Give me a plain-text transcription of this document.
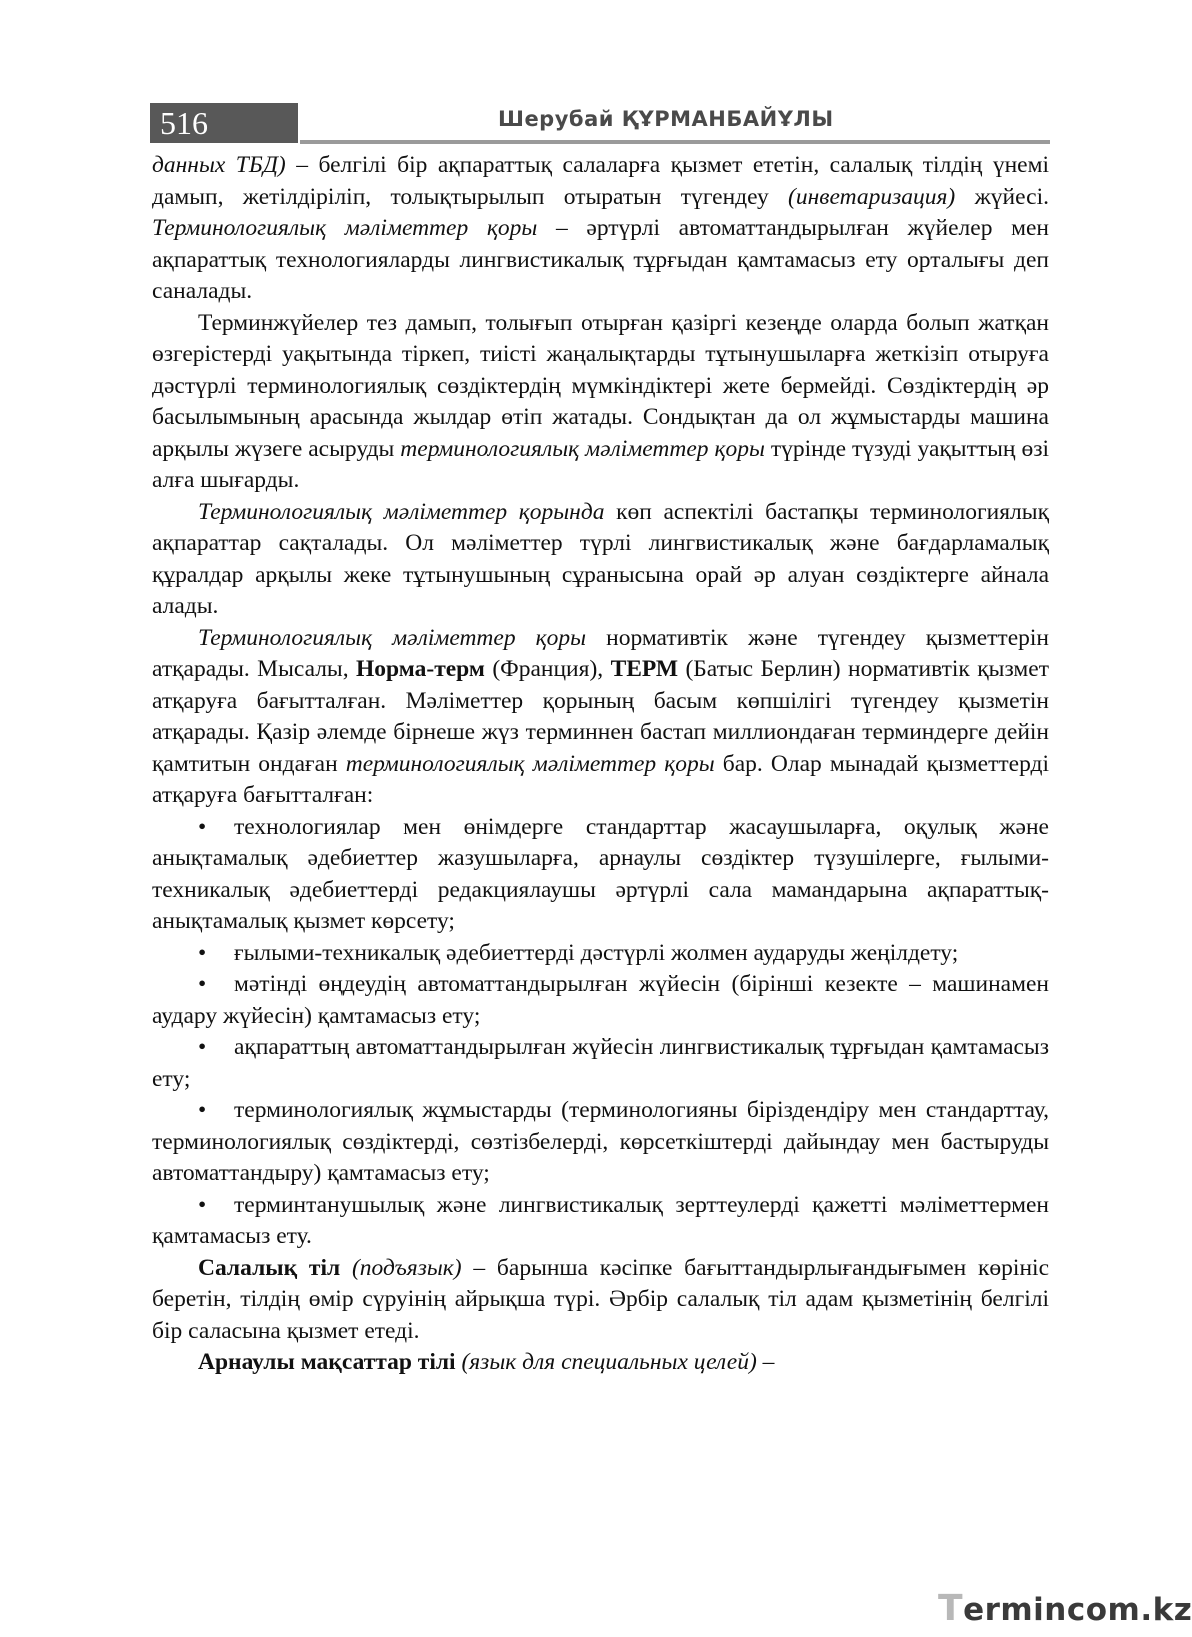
516	Шерубай ҚҰРМАНБАЙҰЛЫ

данных ТБД) – белгілі бір ақпараттық салаларға қызмет ететін, салалық тілдің үнемі дамып, жетілдіріліп, толықтырылып отыратын түгендеу (инветаризация) жүйесі. Терминологиялық мәліметтер қоры – әртүрлі автоматтандырылған жүйелер мен ақпараттық технологияларды лингвистикалық тұрғыдан қамтамасыз ету орталығы деп саналады.

Терминжүйелер тез дамып, толығып отырған қазіргі кезеңде оларда болып жатқан өзгерістерді уақытында тіркеп, тиісті жаңалықтарды тұтынушыларға жеткізіп отыруға дәстүрлі терминологиялық сөздіктердің мүмкіндіктері жете бермейді. Сөздіктердің әр басылымының арасында жылдар өтіп жатады. Сондықтан да ол жұмыстарды машина арқылы жүзеге асыруды терминологиялық мәліметтер қоры түрінде түзуді уақыттың өзі алға шығарды.

Терминологиялық мәліметтер қорында көп аспектілі бастапқы терминологиялық ақпараттар сақталады. Ол мәліметтер түрлі лингвистикалық және бағдарламалық құралдар арқылы жеке тұтынушының сұранысына орай әр алуан сөздіктерге айнала алады.

Терминологиялық мәліметтер қоры нормативтік және түгендеу қызметтерін атқарады. Мысалы, Норма-терм (Франция), ТЕРМ (Батыс Берлин) нормативтік қызмет атқаруға бағытталған. Мәліметтер қорының басым көпшілігі түгендеу қызметін атқарады. Қазір әлемде бірнеше жүз терминнен бастап миллиондаған терминдерге дейін қамтитын ондаған терминологиялық мәліметтер қоры бар. Олар мынадай қызметтерді атқаруға бағытталған:

• технологиялар мен өнімдерге стандарттар жасаушыларға, оқулық және анықтамалық әдебиеттер жазушыларға, арнаулы сөздіктер түзушілерге, ғылыми-техникалық әдебиеттерді редакциялаушы әртүрлі сала мамандарына ақпараттық-анықтамалық қызмет көрсету;

• ғылыми-техникалық әдебиеттерді дәстүрлі жолмен аударуды жеңілдету;

• мәтінді өңдеудің автоматтандырылған жүйесін (бірінші кезекте – машинамен аудару жүйесін) қамтамасыз ету;

• ақпараттың автоматтандырылған жүйесін лингвистикалық тұрғыдан қамтамасыз ету;

• терминологиялық жұмыстарды (терминологияны біріздендіру мен стандарттау, терминологиялық сөздіктерді, сөзтізбелерді, көрсеткіштерді дайындау мен бастыруды автоматтандыру) қамтамасыз ету;

• терминтанушылық және лингвистикалық зерттеулерді қажетті мәліметтермен қамтамасыз ету.

Салалық тіл (подъязык) – барынша кәсіпке бағыттандырлығандығымен көрініс беретін, тілдің өмір сүруінің айрықша түрі. Әрбір салалық тіл адам қызметінің белгілі бір саласына қызмет етеді.

Арнаулы мақсаттар тілі (язык для специальных целей) –

Termincom.kz
